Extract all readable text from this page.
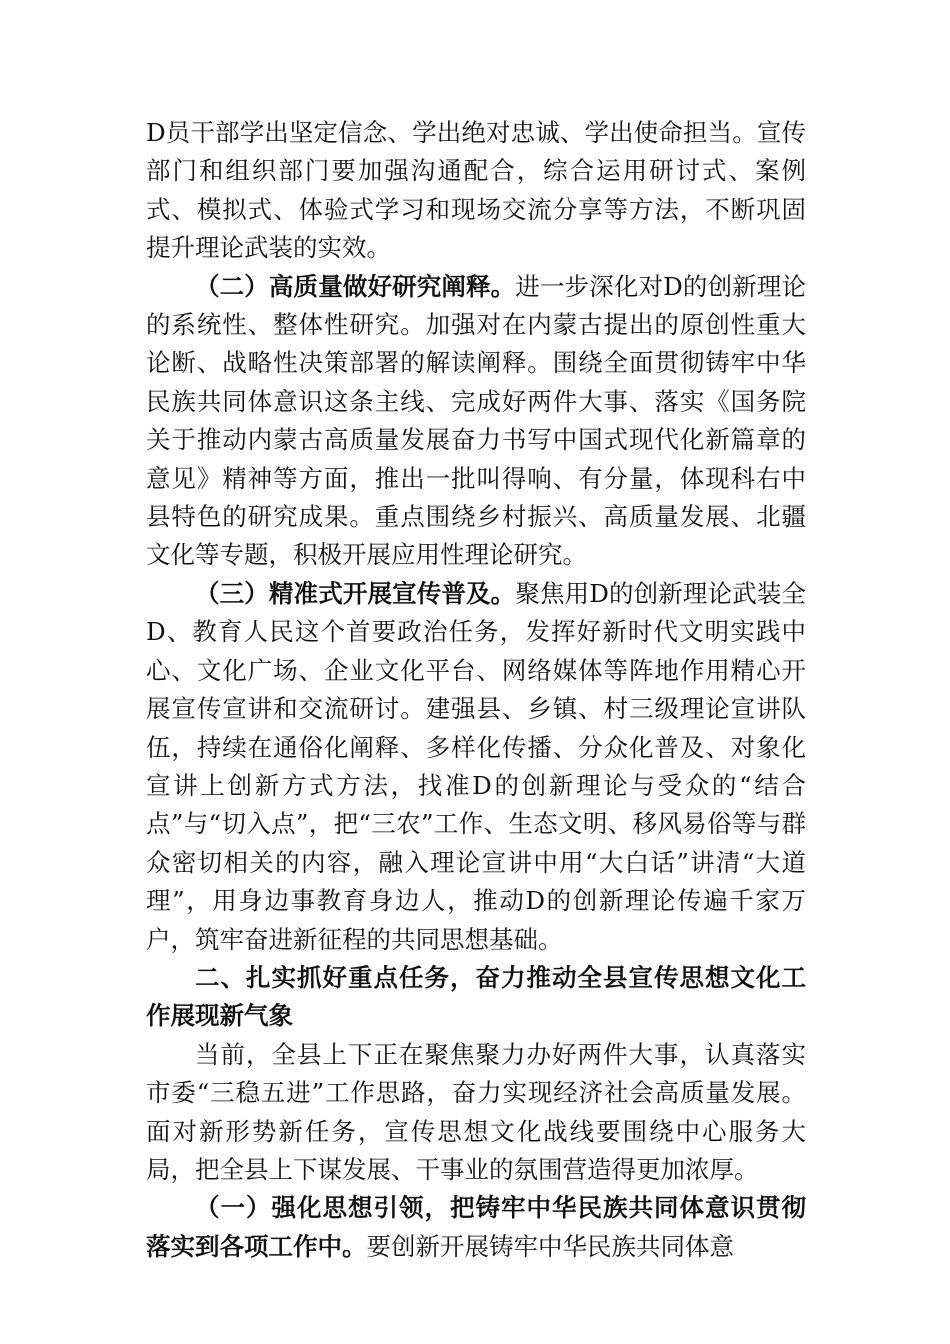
D员干部学出坚定信念、学出绝对忠诚、学出使命担当。宣传部门和组织部门要加强沟通配合，综合运用研讨式、案例式、模拟式、体验式学习和现场交流分享等方法，不断巩固提升理论武装的实效。

（二）高质量做好研究阐释。进一步深化对D的创新理论的系统性、整体性研究。加强对在内蒙古提出的原创性重大论断、战略性决策部署的解读阐释。围绕全面贯彻铸牢中华民族共同体意识这条主线、完成好两件大事、落实《国务院关于推动内蒙古高质量发展奋力书写中国式现代化新篇章的意见》精神等方面，推出一批叫得响、有分量，体现科右中县特色的研究成果。重点围绕乡村振兴、高质量发展、北疆文化等专题，积极开展应用性理论研究。

（三）精准式开展宣传普及。聚焦用D的创新理论武装全D、教育人民这个首要政治任务，发挥好新时代文明实践中心、文化广场、企业文化平台、网络媒体等阵地作用精心开展宣传宣讲和交流研讨。建强县、乡镇、村三级理论宣讲队伍，持续在通俗化阐释、多样化传播、分众化普及、对象化宣讲上创新方式方法，找准D的创新理论与受众的“结合点”与“切入点”，把“三农”工作、生态文明、移风易俗等与群众密切相关的内容，融入理论宣讲中用“大白话”讲清“大道理”，用身边事教育身边人，推动D的创新理论传遍千家万户，筑牢奋进新征程的共同思想基础。

二、扎实抓好重点任务，奋力推动全县宣传思想文化工作展现新气象

当前，全县上下正在聚焦聚力办好两件大事，认真落实市委“三稳五进”工作思路，奋力实现经济社会高质量发展。面对新形势新任务，宣传思想文化战线要围绕中心服务大局，把全县上下谋发展、干事业的氛围营造得更加浓厚。

（一）强化思想引领，把铸牢中华民族共同体意识贯彻落实到各项工作中。要创新开展铸牢中华民族共同体意
